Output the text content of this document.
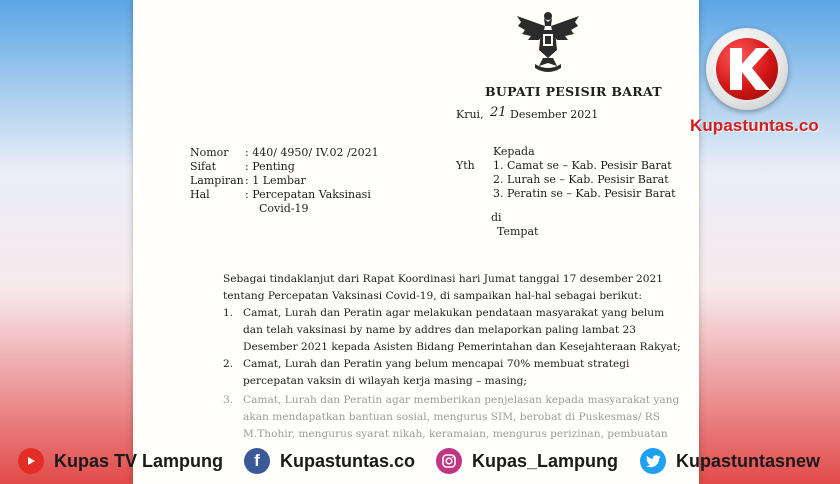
BUPATI PESISIR BARAT
Krui, 21 Desember 2021
Nomor : 440/ 4950/ IV.02 /2021
Sifat	: Penting
Lampiran : 1 Lembar
Hal	: Percepatan Vaksinasi
Covid-19
Kepada
Yth 1. Camat se – Kab. Pesisir Barat
2. Lurah se – Kab. Pesisir Barat
3. Peratin se – Kab. Pesisir Barat
di
Tempat
Sebagai tindaklanjut dari Rapat Koordinasi hari Jumat tanggal 17 desember 2021
tentang Percepatan Vaksinasi Covid-19, di sampaikan hal-hal sebagai berikut:
1. Camat, Lurah dan Peratin agar melakukan pendataan masyarakat yang belum
dan telah vaksinasi by name by addres dan melaporkan paling lambat 23
Desember 2021 kepada Asisten Bidang Pemerintahan dan Kesejahteraan Rakyat;
2. Camat, Lurah dan Peratin yang belum mencapai 70% membuat strategi
percepatan vaksin di wilayah kerja masing – masing;
3. Camat, Lurah dan Peratin agar memberikan penjelasan kepada masyarakat yang
akan mendapatkan bantuan sosial, mengurus SIM, berobat di Puskesmas/ RS
M.Thohir, mengurus syarat nikah, keramaian, mengurus perizinan, pembuatan
Kupastuntas.co
Kupas TV Lampung f Kupastuntas.co	Kupas_Lampung	Kupastuntasnew
